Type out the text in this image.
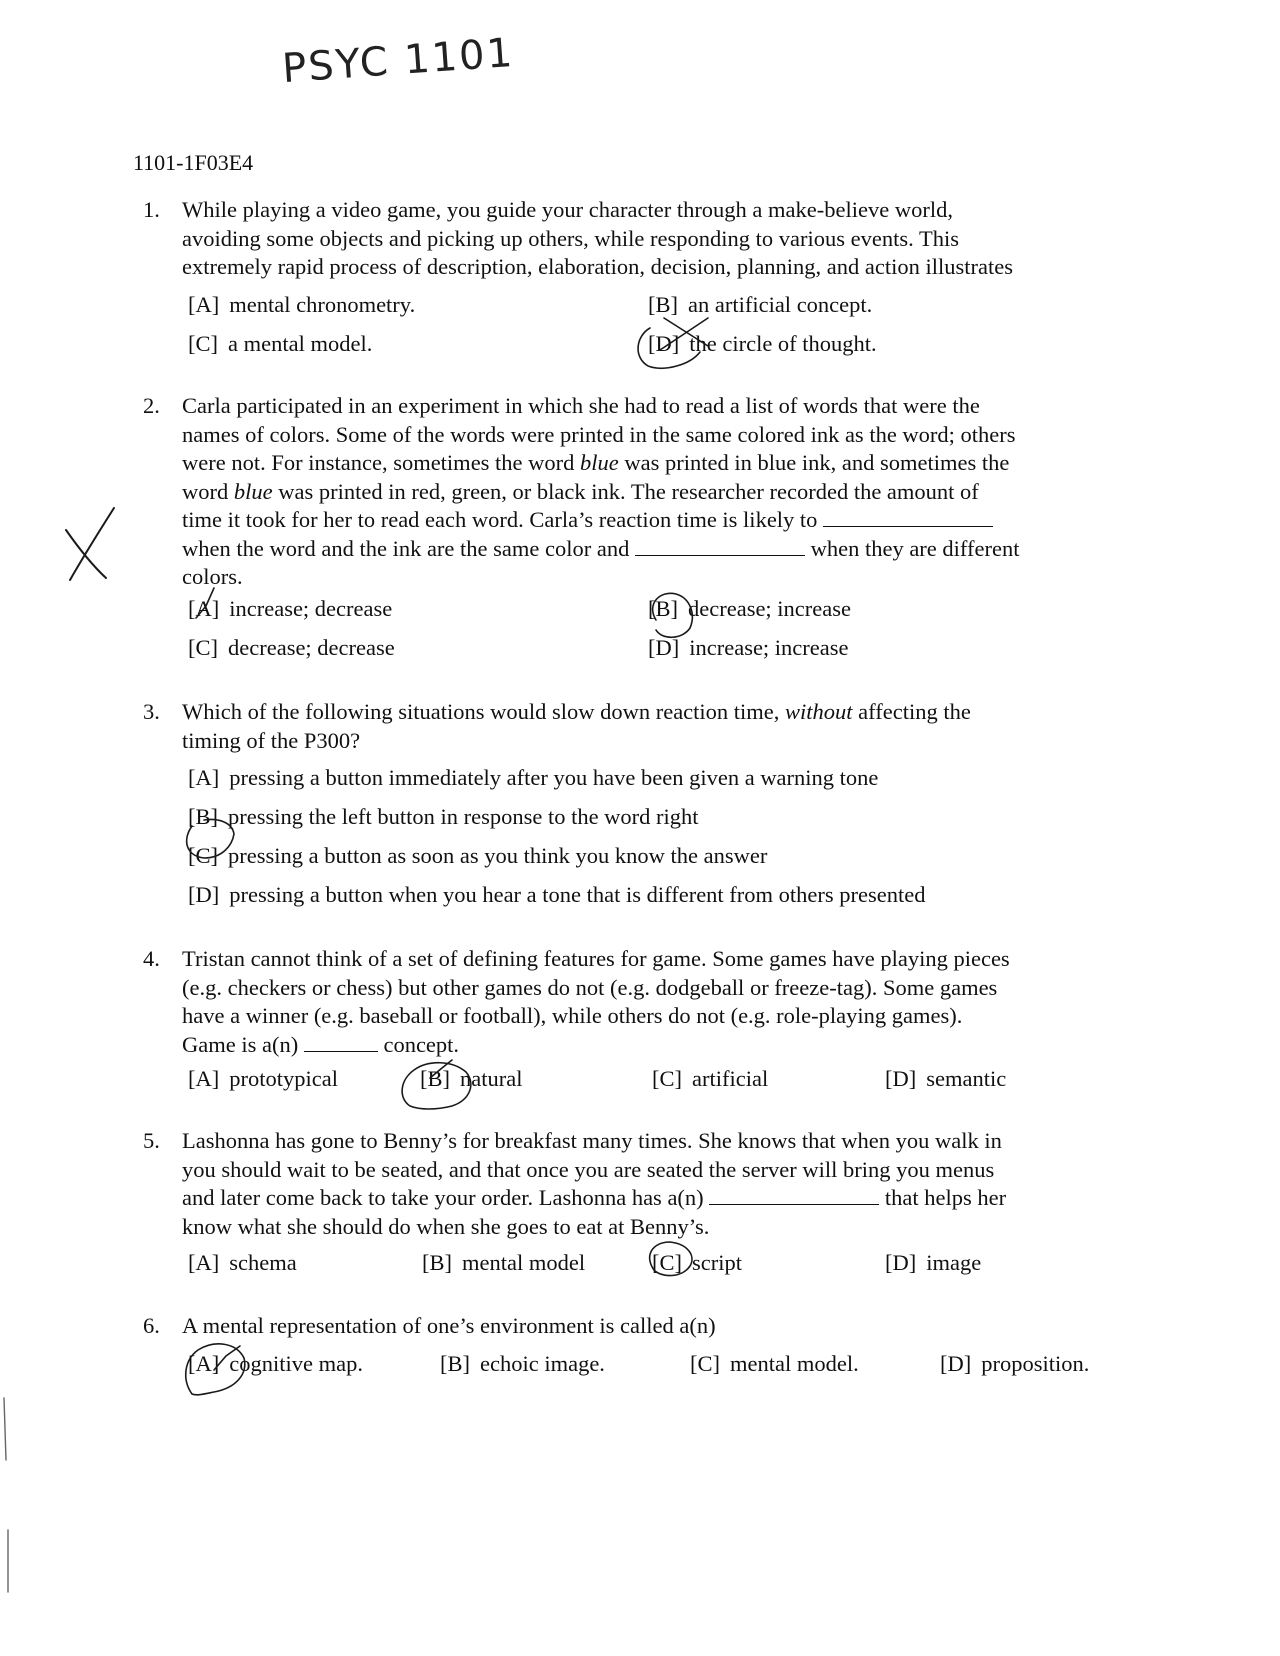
PSYC 1101
1101-1F03E4
1. While playing a video game, you guide your character through a make-believe world,
avoiding some objects and picking up others, while responding to various events. This
extremely rapid process of description, elaboration, decision, planning, and action illustrates
[A] mental chronometry.	[B] an artificial concept.
[C] a mental model.	[D] the circle of thought.
2. Carla participated in an experiment in which she had to read a list of words that were the
names of colors. Some of the words were printed in the same colored ink as the word; others
were not. For instance, sometimes the word blue was printed in blue ink, and sometimes the
word blue was printed in red, green, or black ink. The researcher recorded the amount of
time it took for her to read each word. Carla’s reaction time is likely to
when the word and the ink are the same color and	when they are different
colors.
[A] increase; decrease	[B] decrease; increase
[C] decrease; decrease	[D] increase; increase
3. Which of the following situations would slow down reaction time, without affecting the
timing of the P300?
[A] pressing a button immediately after you have been given a warning tone
[B] pressing the left button in response to the word right
[C] pressing a button as soon as you think you know the answer
[D] pressing a button when you hear a tone that is different from others presented
4. Tristan cannot think of a set of defining features for game. Some games have playing pieces
(e.g. checkers or chess) but other games do not (e.g. dodgeball or freeze-tag). Some games
have a winner (e.g. baseball or football), while others do not (e.g. role-playing games).
Game is a(n)	concept.
[A] prototypical	[B] natural	[C] artificial	[D] semantic
5. Lashonna has gone to Benny’s for breakfast many times. She knows that when you walk in
you should wait to be seated, and that once you are seated the server will bring you menus
and later come back to take your order. Lashonna has a(n)	that helps her
know what she should do when she goes to eat at Benny’s.
[A] schema	[B] mental model	[C] script	[D] image
6. A mental representation of one’s environment is called a(n)
[A] cognitive map.	[B] echoic image.	[C] mental model.	[D] proposition.
